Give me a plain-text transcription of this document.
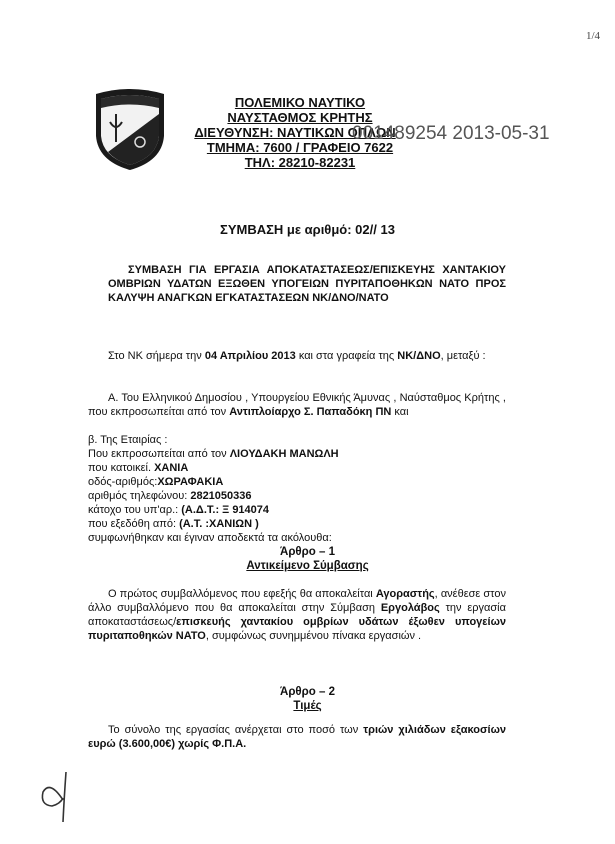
1/4
ΠΟΛΕΜΙΚΟ ΝΑΥΤΙΚΟ
ΝΑΥΣΤΑΘΜΟΣ ΚΡΗΤΗΣ
ΔΙΕΥΘΥΝΣΗ: ΝΑΥΤΙΚΩΝ ΟΠΛΩΝ
ΤΜΗΜΑ: 7600 / ΓΡΑΦΕΙΟ 7622
ΤΗΛ: 28210-82231
001489254 2013-05-31
ΣΥΜΒΑΣΗ με αριθμό: 02// 13
ΣΥΜΒΑΣΗ ΓΙΑ ΕΡΓΑΣΙΑ ΑΠΟΚΑΤΑΣΤΑΣΕΩΣ/ΕΠΙΣΚΕΥΗΣ ΧΑΝΤΑΚΙΟΥ ΟΜΒΡΙΩΝ ΥΔΑΤΩΝ ΕΞΩΘΕΝ ΥΠΟΓΕΙΩΝ ΠΥΡΙΤΑΠΟΘΗΚΩΝ ΝΑΤΟ ΠΡΟΣ ΚΑΛΥΨΗ ΑΝΑΓΚΩΝ ΕΓΚΑΤΑΣΤΑΣΕΩΝ ΝΚ/ΔΝΟ/ΝΑΤΟ
Στο ΝΚ σήμερα την 04 Απριλίου 2013 και στα γραφεία της ΝΚ/ΔΝΟ, μεταξύ :
Α. Του Ελληνικού Δημοσίου , Υπουργείου Εθνικής Άμυνας , Ναύσταθμος Κρήτης , που εκπροσωπείται από τον Αντιπλοίαρχο Σ. Παπαδόκη ΠΝ και
β. Της Εταιρίας :
Που εκπροσωπείται από τον ΛΙΟΥΔΑΚΗ ΜΑΝΩΛΗ
που κατοικεί. ΧΑΝΙΑ
οδός-αριθμός:ΧΩΡΑΦΑΚΙΑ
αριθμός τηλεφώνου: 2821050336
κάτοχο του υπ'αρ.: (Α.Δ.Τ.: Ξ 914074
που εξεδόθη από: (Α.Τ. :ΧΑΝΙΩΝ )
συμφωνήθηκαν και έγιναν αποδεκτά τα ακόλουθα:
Άρθρο – 1
Αντικείμενο Σύμβασης
Ο πρώτος συμβαλλόμενος που εφεξής θα αποκαλείται Αγοραστής, ανέθεσε στον άλλο συμβαλλόμενο που θα αποκαλείται στην Σύμβαση Εργολάβος την εργασία αποκαταστάσεως/επισκευής χαντακίου ομβρίων υδάτων έξωθεν υπογείων πυριταποθηκών ΝΑΤΟ, συμφώνως συνημμένου πίνακα εργασιών .
Άρθρο – 2
Τιμές
Το σύνολο της εργασίας ανέρχεται στο ποσό των τριών χιλιάδων εξακοσίων ευρώ (3.600,00€) χωρίς Φ.Π.Α.
